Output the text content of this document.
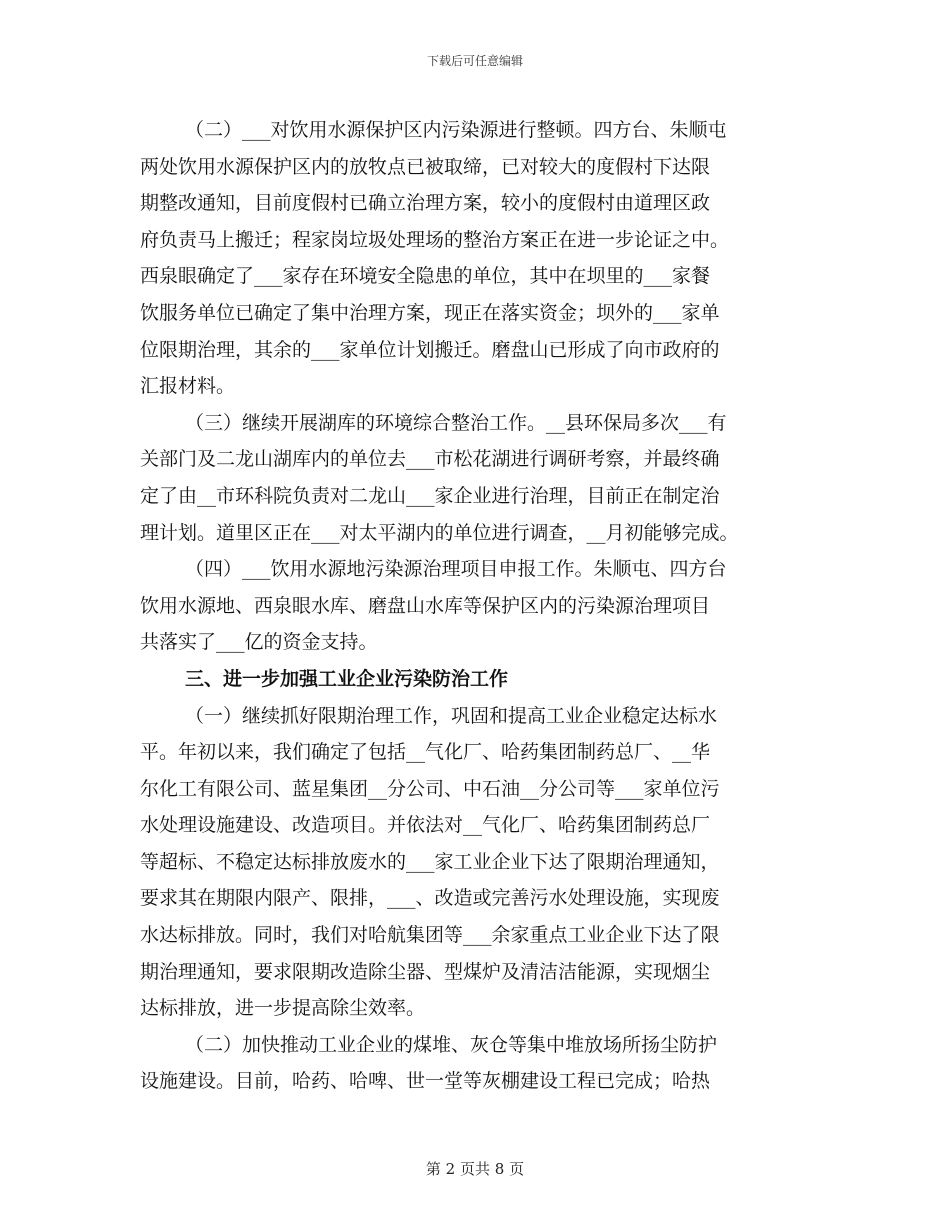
下载后可任意编辑
（二）___对饮用水源保护区内污染源进行整顿。四方台、朱顺屯
两处饮用水源保护区内的放牧点已被取缔，已对较大的度假村下达限
期整改通知，目前度假村已确立治理方案，较小的度假村由道理区政
府负责马上搬迁；程家岗垃圾处理场的整治方案正在进一步论证之中。
西泉眼确定了___家存在环境安全隐患的单位，其中在坝里的___家餐
饮服务单位已确定了集中治理方案，现正在落实资金；坝外的___家单
位限期治理，其余的___家单位计划搬迁。磨盘山已形成了向市政府的
汇报材料。
（三）继续开展湖库的环境综合整治工作。__县环保局多次___有
关部门及二龙山湖库内的单位去___市松花湖进行调研考察，并最终确
定了由__市环科院负责对二龙山___家企业进行治理，目前正在制定治
理计划。道里区正在___对太平湖内的单位进行调查，__月初能够完成。
（四）___饮用水源地污染源治理项目申报工作。朱顺屯、四方台
饮用水源地、西泉眼水库、磨盘山水库等保护区内的污染源治理项目
共落实了___亿的资金支持。
三、进一步加强工业企业污染防治工作
（一）继续抓好限期治理工作，巩固和提高工业企业稳定达标水
平。年初以来，我们确定了包括__气化厂、哈药集团制药总厂、__华
尔化工有限公司、蓝星集团__分公司、中石油__分公司等___家单位污
水处理设施建设、改造项目。并依法对__气化厂、哈药集团制药总厂
等超标、不稳定达标排放废水的___家工业企业下达了限期治理通知，
要求其在期限内限产、限排，___、改造或完善污水处理设施，实现废
水达标排放。同时，我们对哈航集团等___余家重点工业企业下达了限
期治理通知，要求限期改造除尘器、型煤炉及清洁洁能源，实现烟尘
达标排放，进一步提高除尘效率。
（二）加快推动工业企业的煤堆、灰仓等集中堆放场所扬尘防护
设施建设。目前，哈药、哈啤、世一堂等灰棚建设工程已完成；哈热
第 2 页共 8 页
